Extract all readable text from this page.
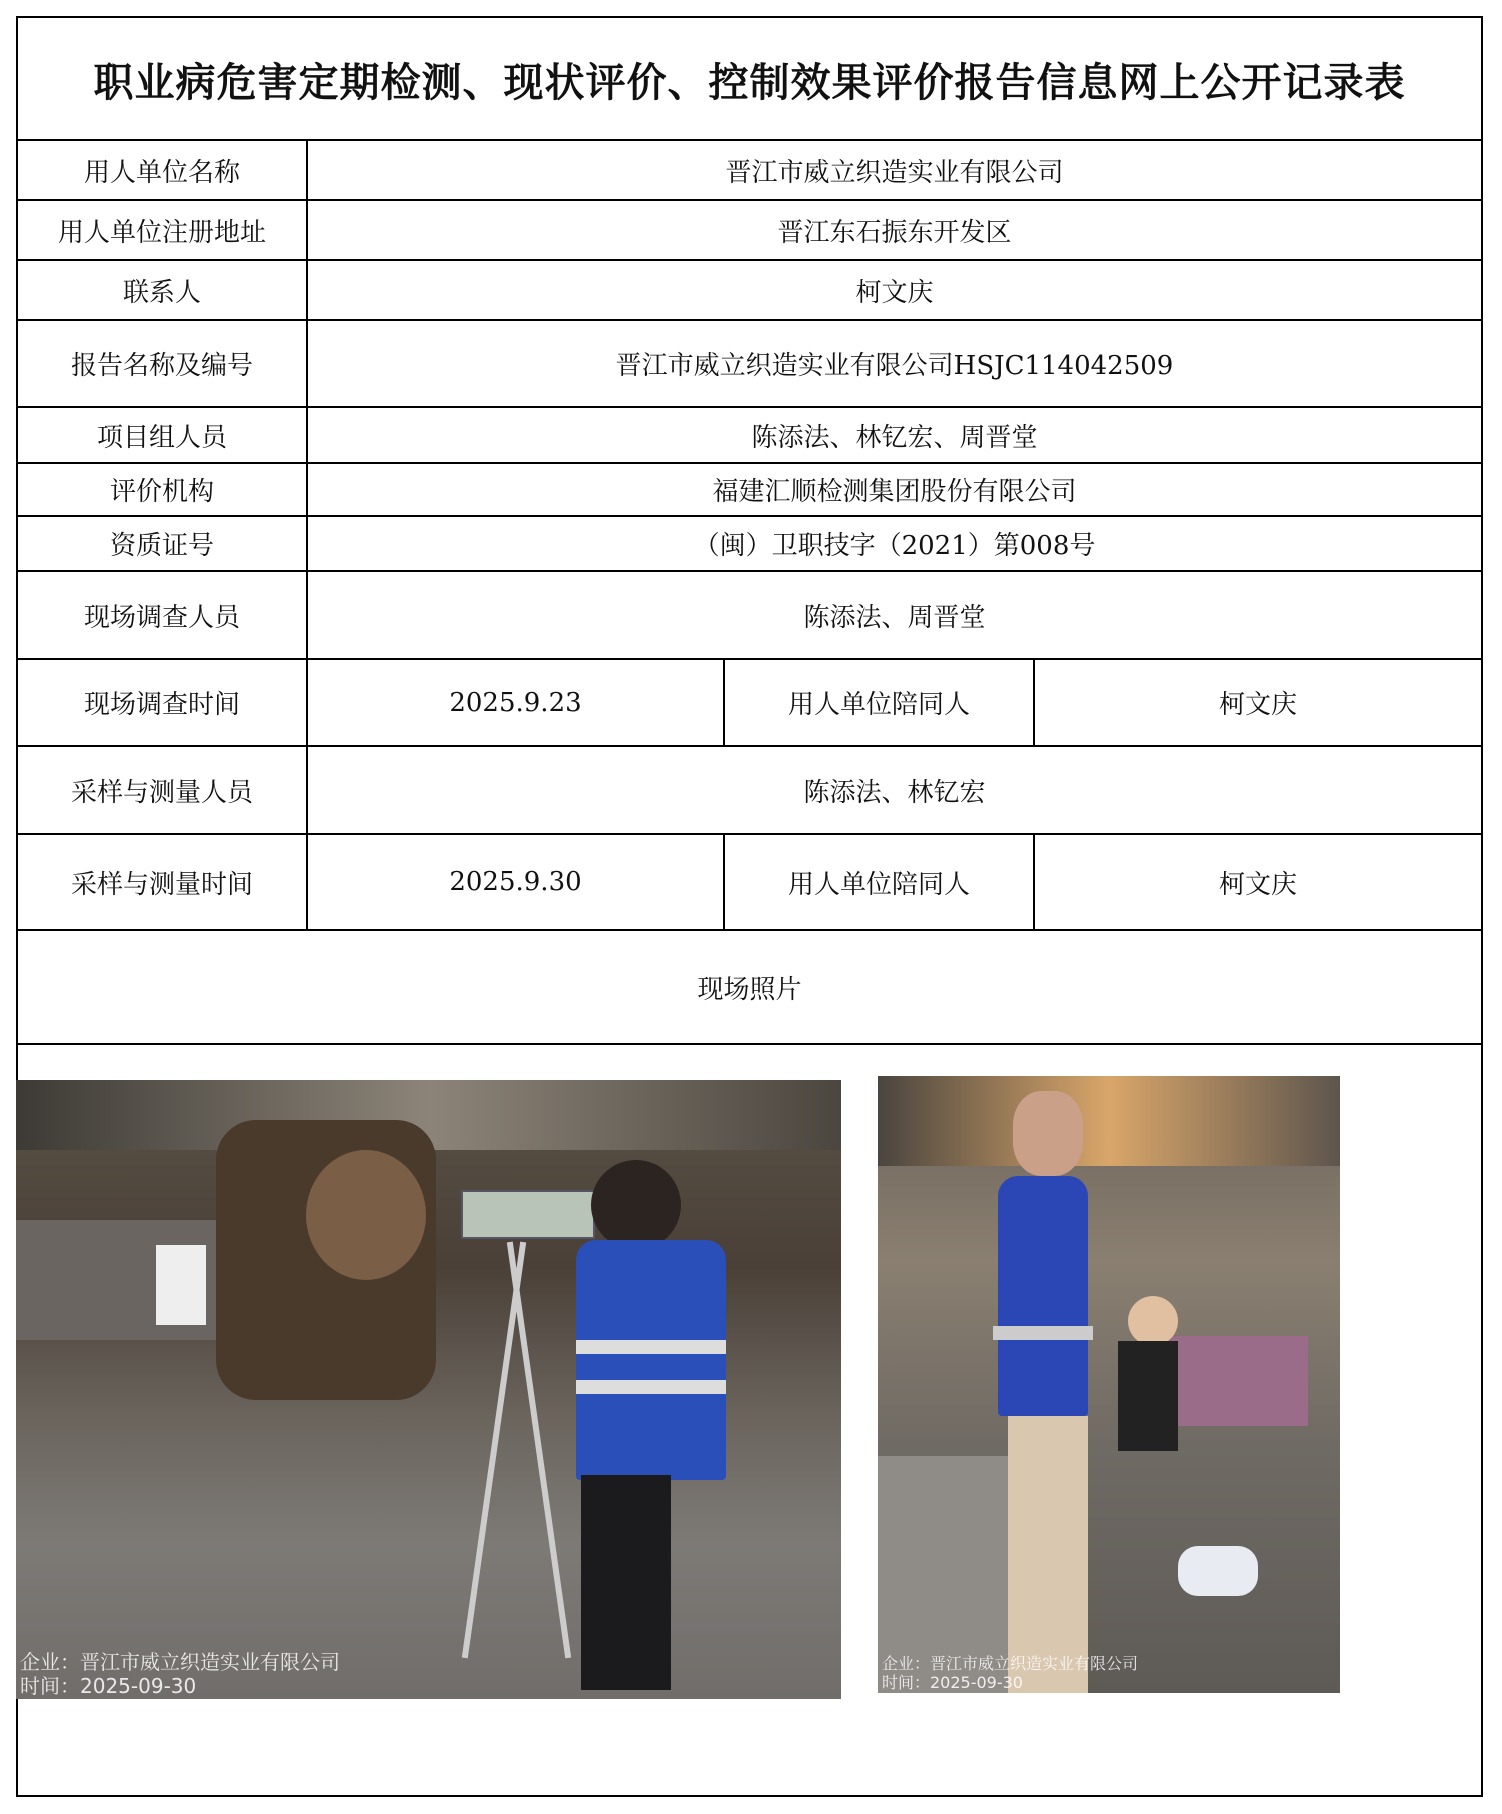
职业病危害定期检测、现状评价、控制效果评价报告信息网上公开记录表
用人单位名称	晋江市威立织造实业有限公司
用人单位注册地址	晋江东石振东开发区
联系人	柯文庆
报告名称及编号	晋江市威立织造实业有限公司HSJC114042509
项目组人员	陈添法、林钇宏、周晋堂
评价机构	福建汇顺检测集团股份有限公司
资质证号	（闽）卫职技字（2021）第008号
现场调查人员	陈添法、周晋堂
现场调查时间	2025.9.23	用人单位陪同人	柯文庆
采样与测量人员	陈添法、林钇宏
采样与测量时间	2025.9.30	用人单位陪同人	柯文庆
现场照片
企业：晋江市威立织造实业有限公司
时间：2025-09-30
企业：晋江市威立织造实业有限公司
时间：2025-09-30
